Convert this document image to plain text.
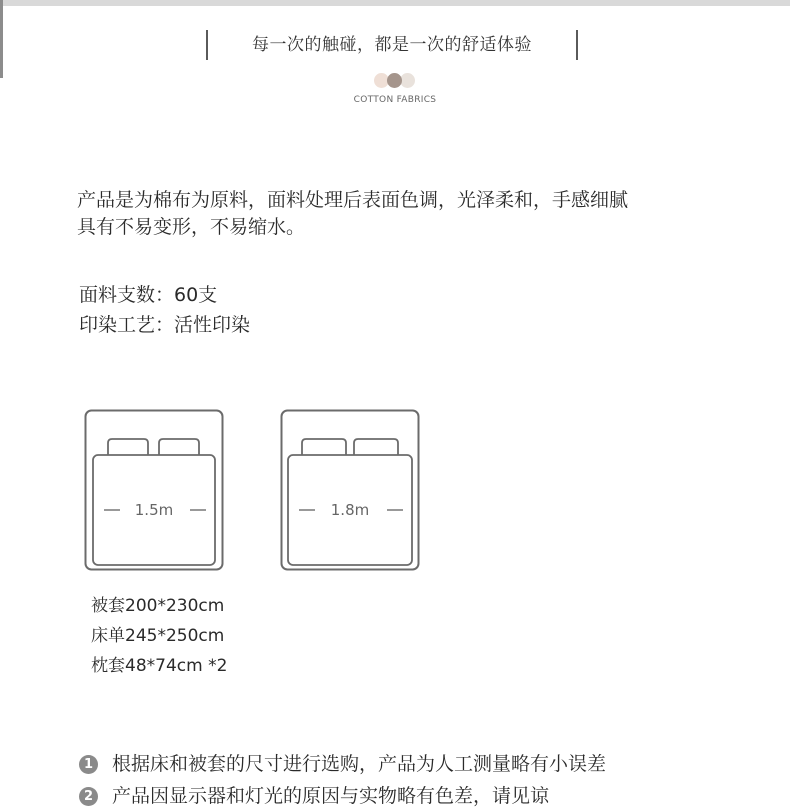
每一次的触碰，都是一次的舒适体验
COTTON FABRICS

产品是为棉布为原料，面料处理后表面色调，光泽柔和，手感细腻

具有不易变形，不易缩水。

面料支数：60支
印染工艺：活性印染
1.5m	1.8m
被套200*230cm
床单245*250cm
枕套48*74cm *2
1 根据床和被套的尺寸进行选购，产品为人工测量略有小误差
2 产品因显示器和灯光的原因与实物略有色差，请见谅
